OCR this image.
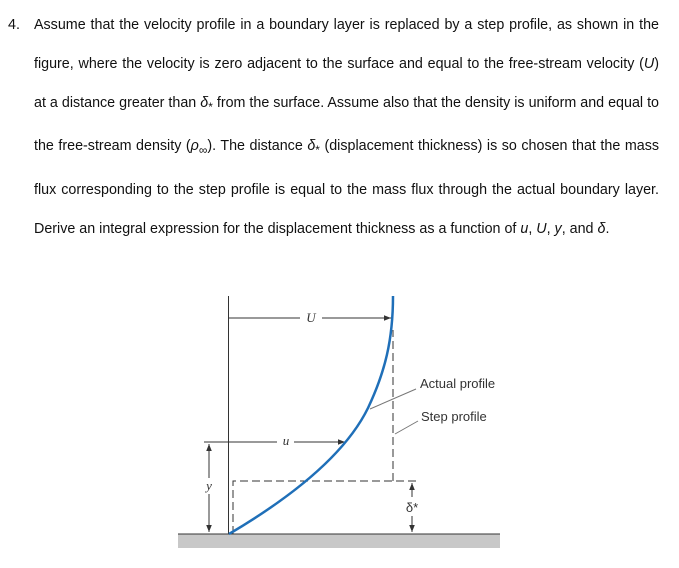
4. Assume that the velocity profile in a boundary layer is replaced by a step profile, as shown in the figure, where the velocity is zero adjacent to the surface and equal to the free-stream velocity (U) at a distance greater than $\delta_*$ from the surface. Assume also that the density is uniform and equal to the free-stream density $(\rho_\infty)$. The distance $\delta_*$ (displacement thickness) is so chosen that the mass flux corresponding to the step profile is equal to the mass flux through the actual boundary layer. Derive an integral expression for the displacement thickness as a function of u, U, y, and δ.
U
u
y
δ*
Actual profile
Step profile
